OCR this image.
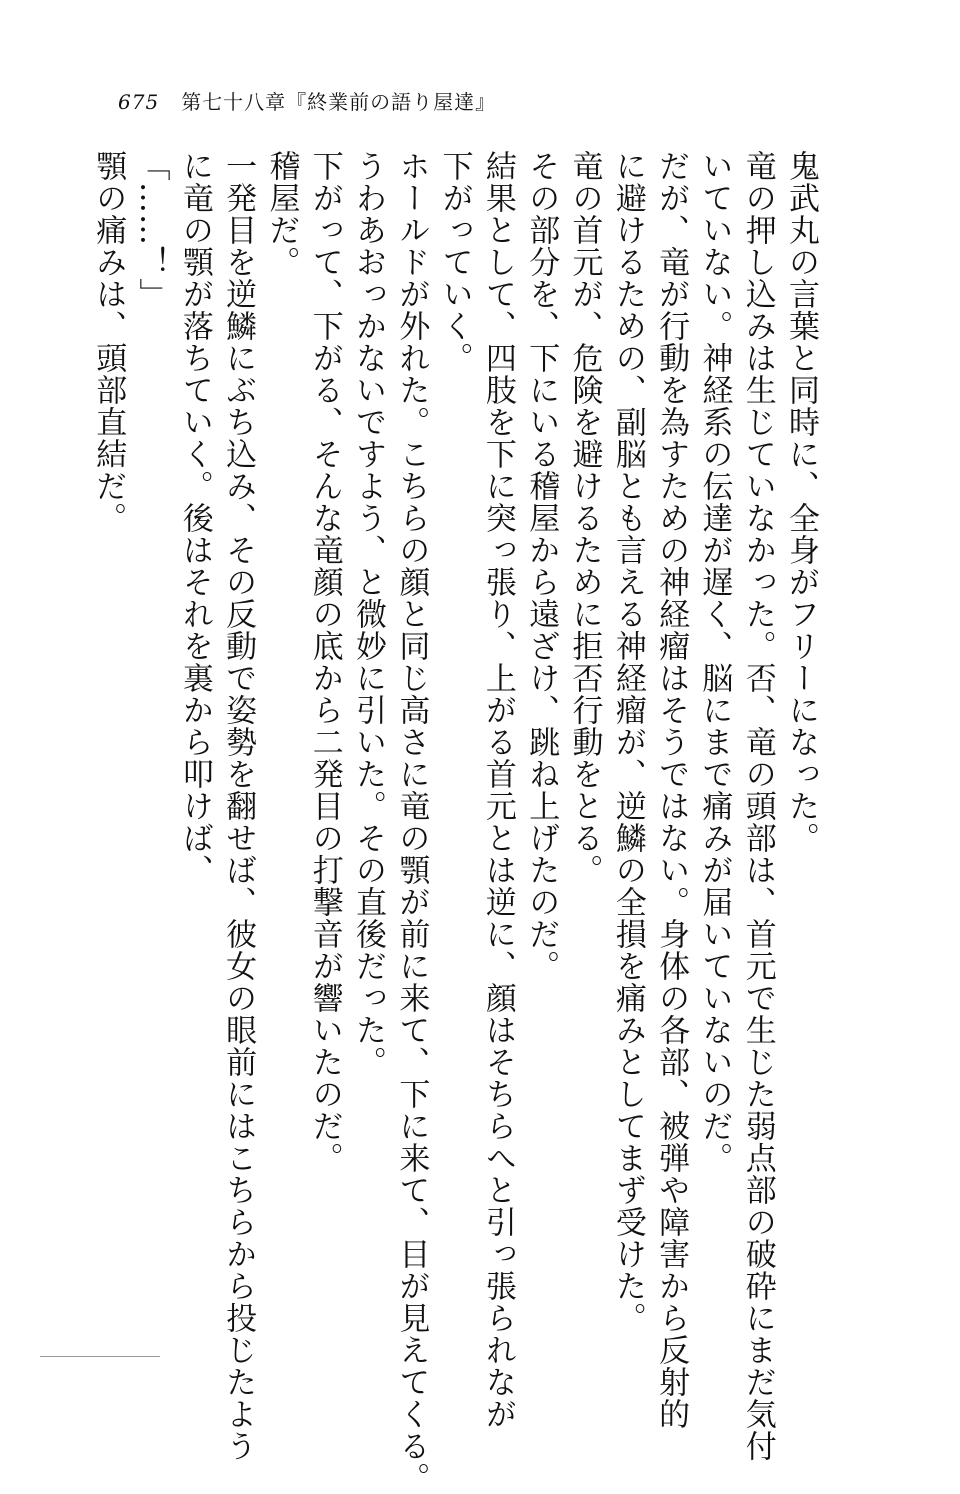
675 第七十八章『終業前の語り屋達』
鬼武丸の言葉と同時に、全身がフリーになった。
竜の押し込みは生じていなかった。否、竜の頭部は、首元で生じた弱点部の破砕にまだ気付
いていない。神経系の伝達が遅く、脳にまで痛みが届いていないのだ。
だが、竜が行動を為すための神経瘤はそうではない。身体の各部、被弾や障害から反射的
に避けるための、副脳とも言える神経瘤が、逆鱗の全損を痛みとしてまず受けた。
竜の首元が、危険を避けるために拒否行動をとる。
その部分を、下にいる稽屋から遠ざけ、跳ね上げたのだ。
結果として、四肢を下に突っ張り、上がる首元とは逆に、顔はそちらへと引っ張られなが
下がっていく。
ホールドが外れた。こちらの顔と同じ高さに竜の顎が前に来て、下に来て、目が見えてくる。
うわあおっかないですよう、と微妙に引いた。その直後だった。
下がって、下がる、そんな竜顔の底から二発目の打撃音が響いたのだ。
稽屋だ。
一発目を逆鱗にぶち込み、その反動で姿勢を翻せば、彼女の眼前にはこちらから投じたよう
に竜の顎が落ちていく。後はそれを裏から叩けば、
「……！」
顎の痛みは、頭部直結だ。
